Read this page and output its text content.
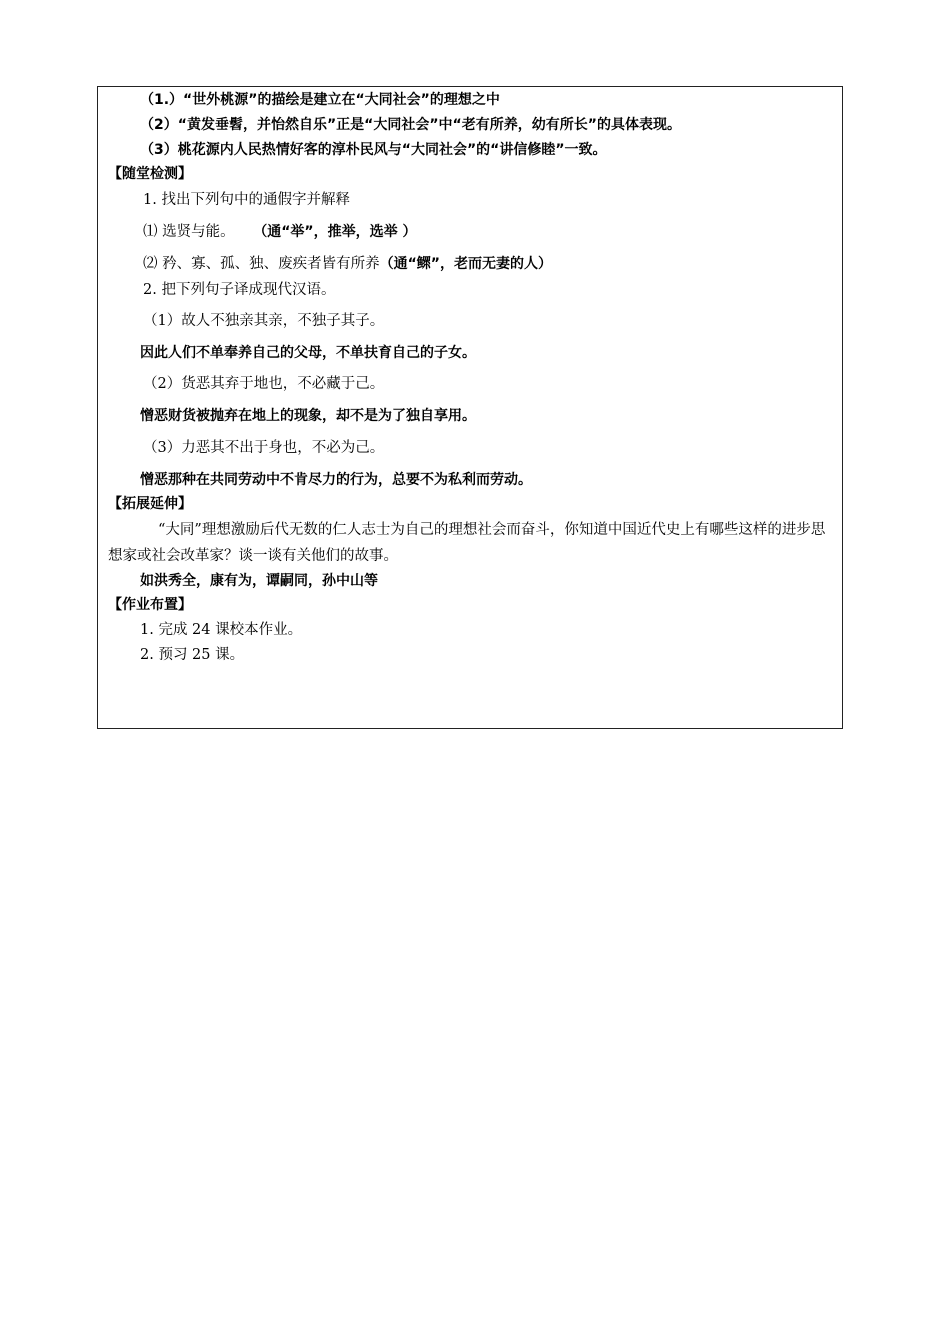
（1.）“世外桃源”的描绘是建立在“大同社会”的理想之中
（2）“黄发垂髫，并怡然自乐”正是“大同社会”中“老有所养，幼有所长”的具体表现。
（3）桃花源内人民热情好客的淳朴民风与“大同社会”的“讲信修睦”一致。
【随堂检测】
1. 找出下列句中的通假字并解释
⑴ 选贤与能。 （通“举”，推举，选举 ）
⑵ 矜、寡、孤、独、废疾者皆有所养（通“鳏”，老而无妻的人）
2. 把下列句子译成现代汉语。
（1）故人不独亲其亲，不独子其子。
因此人们不单奉养自己的父母，不单扶育自己的子女。
（2）货恶其弃于地也，不必藏于己。
憎恶财货被抛弃在地上的现象，却不是为了独自享用。
（3）力恶其不出于身也，不必为己。
憎恶那种在共同劳动中不肯尽力的行为，总要不为私利而劳动。
【拓展延伸】
“大同”理想激励后代无数的仁人志士为自己的理想社会而奋斗，你知道中国近代史上有哪些这样的进步思想家或社会改革家？谈一谈有关他们的故事。
如洪秀全，康有为，谭嗣同，孙中山等
【作业布置】
1. 完成 24 课校本作业。
2. 预习 25 课。
